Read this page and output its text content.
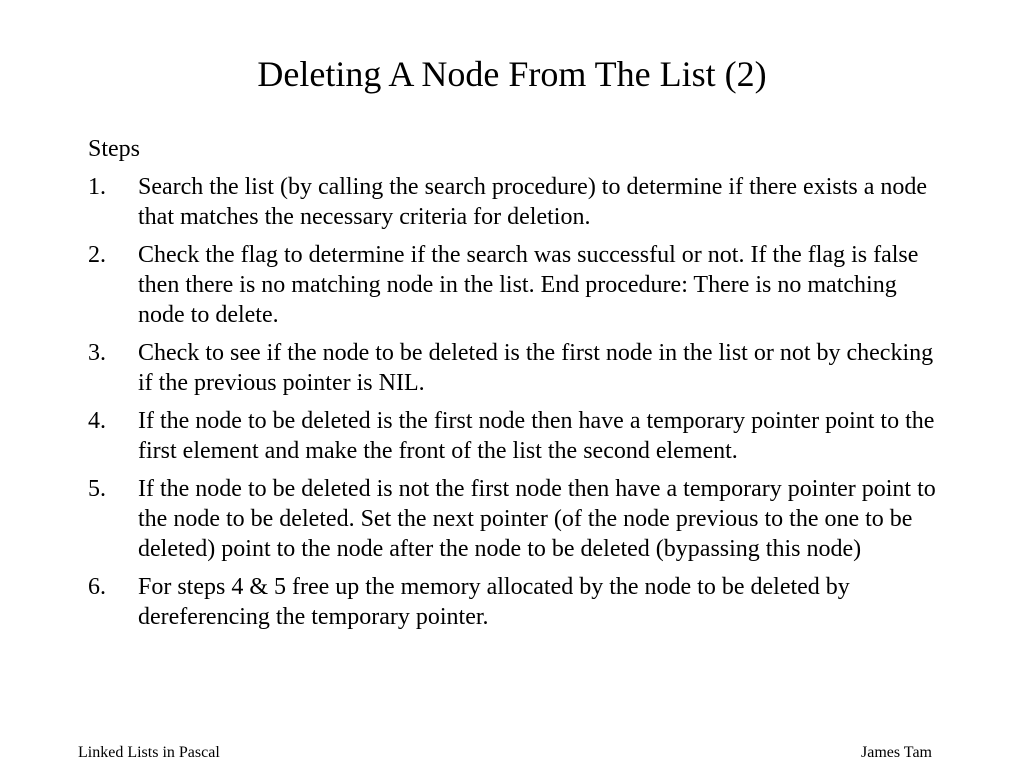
Deleting A Node From The List (2)
Steps
1. Search the list (by calling the search procedure) to determine if there exists a node that matches the necessary criteria for deletion.
2. Check the flag to determine if the search was successful or not. If the flag is false then there is no matching node in the list. End procedure: There is no matching node to delete.
3. Check to see if the node to be deleted is the first node in the list or not by checking if the previous pointer is NIL.
4. If the node to be deleted is the first node then have a temporary pointer point to the first element and make the front of the list the second element.
5. If the node to be deleted is not the first node then have a temporary pointer point to the node to be deleted. Set the next pointer (of the node previous to the one to be deleted) point to the node after the node to be deleted (bypassing this node)
6. For steps 4 & 5 free up the memory allocated by the node to be deleted by dereferencing the temporary pointer.
Linked Lists in Pascal	James Tam
